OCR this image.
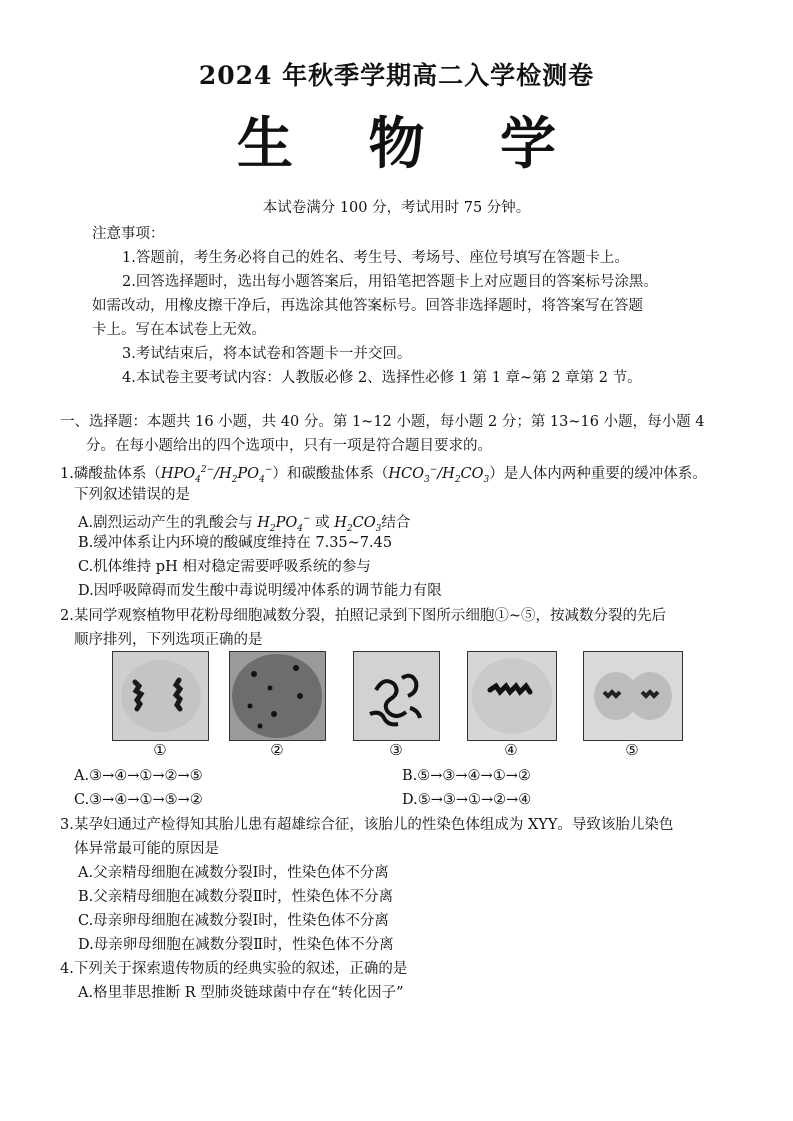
2024 年秋季学期高二入学检测卷
生 物 学
本试卷满分 100 分，考试用时 75 分钟。
注意事项：
1.答题前，考生务必将自己的姓名、考生号、考场号、座位号填写在答题卡上。
2.回答选择题时，选出每小题答案后，用铅笔把答题卡上对应题目的答案标号涂黑。
如需改动，用橡皮擦干净后，再选涂其他答案标号。回答非选择题时，将答案写在答题
卡上。写在本试卷上无效。
3.考试结束后，将本试卷和答题卡一并交回。
4.本试卷主要考试内容：人教版必修 2、选择性必修 1 第 1 章~第 2 章第 2 节。
一、选择题：本题共 16 小题，共 40 分。第 1~12 小题，每小题 2 分；第 13~16 小题，每小题 4
分。在每小题给出的四个选项中，只有一项是符合题目要求的。
1.磷酸盐体系$(HPO_4^{2-}/H_2PO_4^-)$和碳酸盐体系$(HCO_3^-/H_2CO_3)$是人体内两种重要的缓冲体系。
下列叙述错误的是
A.剧烈运动产生的乳酸会与 $H_2PO_4^-$ 或 $H_2CO_3$结合
B.缓冲体系让内环境的酸碱度维持在 7.35~7.45
C.机体维持 pH 相对稳定需要呼吸系统的参与
D.因呼吸障碍而发生酸中毒说明缓冲体系的调节能力有限
2.某同学观察植物甲花粉母细胞减数分裂，拍照记录到下图所示细胞①~⑤，按减数分裂的先后
顺序排列，下列选项正确的是
①	②	③	④	⑤
A.③→④→①→②→⑤	B.⑤→③→④→①→②
C.③→④→①→⑤→②	D.⑤→③→①→②→④
3.某孕妇通过产检得知其胎儿患有超雄综合征，该胎儿的性染色体组成为 XYY。导致该胎儿染色
体异常最可能的原因是
A.父亲精母细胞在减数分裂Ⅰ时，性染色体不分离
B.父亲精母细胞在减数分裂Ⅱ时，性染色体不分离
C.母亲卵母细胞在减数分裂Ⅰ时，性染色体不分离
D.母亲卵母细胞在减数分裂Ⅱ时，性染色体不分离
4.下列关于探索遗传物质的经典实验的叙述，正确的是
A.格里菲思推断 R 型肺炎链球菌中存在“转化因子”
